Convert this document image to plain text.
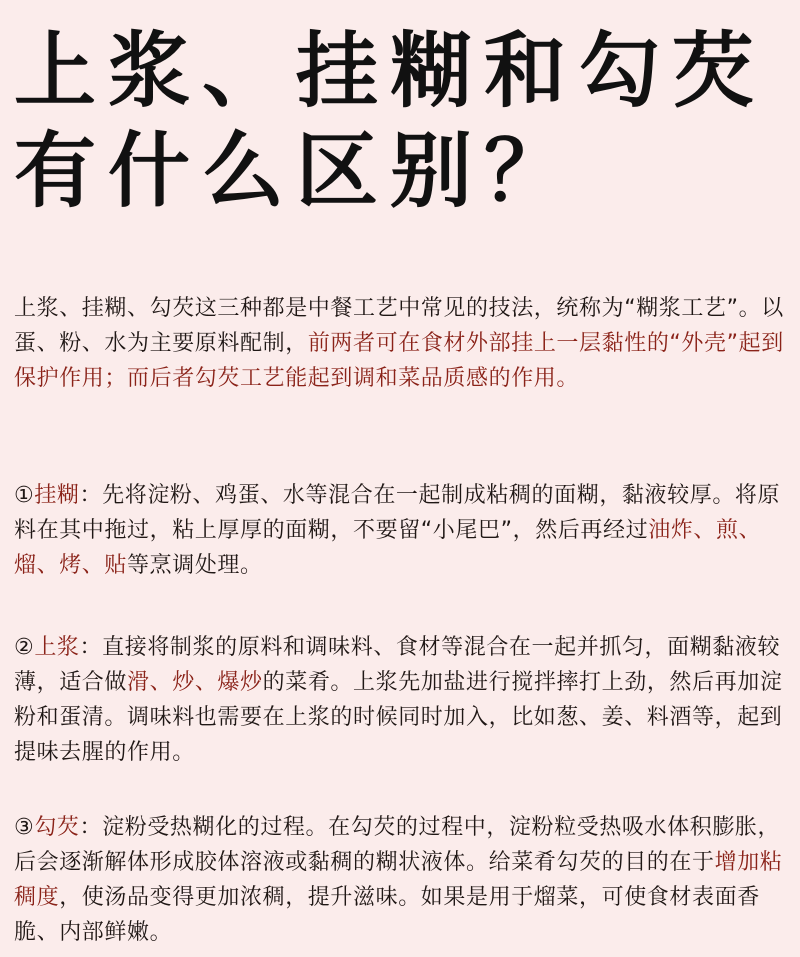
上浆、挂糊和勾芡
有什么区别？

上浆、挂糊、勾芡这三种都是中餐工艺中常见的技法，统称为“糊浆工艺”。以蛋、粉、水为主要原料配制，前两者可在食材外部挂上一层黏性的“外壳”起到保护作用；而后者勾芡工艺能起到调和菜品质感的作用。

①挂糊：先将淀粉、鸡蛋、水等混合在一起制成粘稠的面糊，黏液较厚。将原料在其中拖过，粘上厚厚的面糊，不要留“小尾巴”，然后再经过油炸、煎、熘、烤、贴等烹调处理。

②上浆：直接将制浆的原料和调味料、食材等混合在一起并抓匀，面糊黏液较薄，适合做滑、炒、爆炒的菜肴。上浆先加盐进行搅拌摔打上劲，然后再加淀粉和蛋清。调味料也需要在上浆的时候同时加入，比如葱、姜、料酒等，起到提味去腥的作用。

③勾芡：淀粉受热糊化的过程。在勾芡的过程中，淀粉粒受热吸水体积膨胀，后会逐渐解体形成胶体溶液或黏稠的糊状液体。给菜肴勾芡的目的在于增加粘稠度，使汤品变得更加浓稠，提升滋味。如果是用于熘菜，可使食材表面香脆、内部鲜嫩。
